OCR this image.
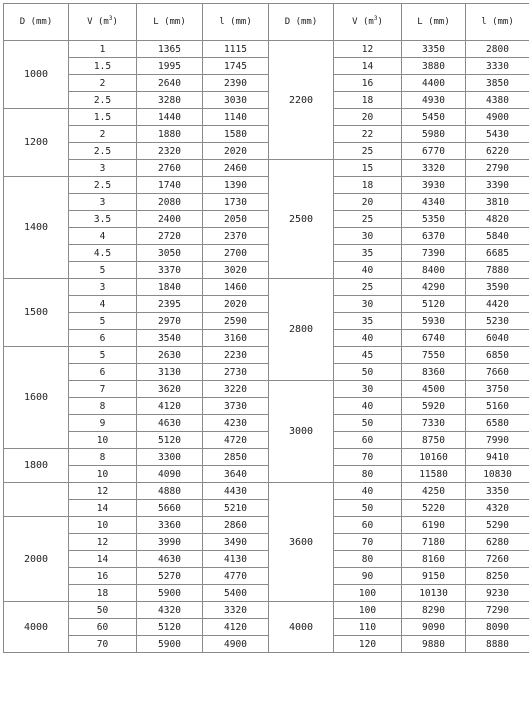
D (mm)	V $(m^3)$	L (mm)	l (mm)	D (mm)	V $(m^3)$	L (mm)	l (mm)
1000	1	1365	1115	2200	12	3350	2800
	1.5	1995	1745		14	3880	3330
	2	2640	2390		16	4400	3850
	2.5	3280	3030		18	4930	4380
1200	1.5	1440	1140		20	5450	4900
	2	1880	1580		22	5980	5430
	2.5	2320	2020		25	6770	6220
	3	2760	2460	2500	15	3320	2790
1400	2.5	1740	1390		18	3930	3390
	3	2080	1730		20	4340	3810
	3.5	2400	2050		25	5350	4820
	4	2720	2370		30	6370	5840
	4.5	3050	2700		35	7390	6685
	5	3370	3020		40	8400	7880
1500	3	1840	1460	2800	25	4290	3590
	4	2395	2020		30	5120	4420
	5	2970	2590		35	5930	5230
	6	3540	3160		40	6740	6040
1600	5	2630	2230		45	7550	6850
	6	3130	2730		50	8360	7660
	7	3620	3220	3000	30	4500	3750
	8	4120	3730		40	5920	5160
	9	4630	4230		50	7330	6580
	10	5120	4720		60	8750	7990
1800	8	3300	2850		70	10160	9410
	10	4090	3640		80	11580	10830
	12	4880	4430	3600	40	4250	3350
	14	5660	5210		50	5220	4320
2000	10	3360	2860		60	6190	5290
	12	3990	3490		70	7180	6280
	14	4630	4130		80	8160	7260
	16	5270	4770		90	9150	8250
	18	5900	5400		100	10130	9230
4000	50	4320	3320	4000	100	8290	7290
	60	5120	4120		110	9090	8090
	70	5900	4900		120	9880	8880
